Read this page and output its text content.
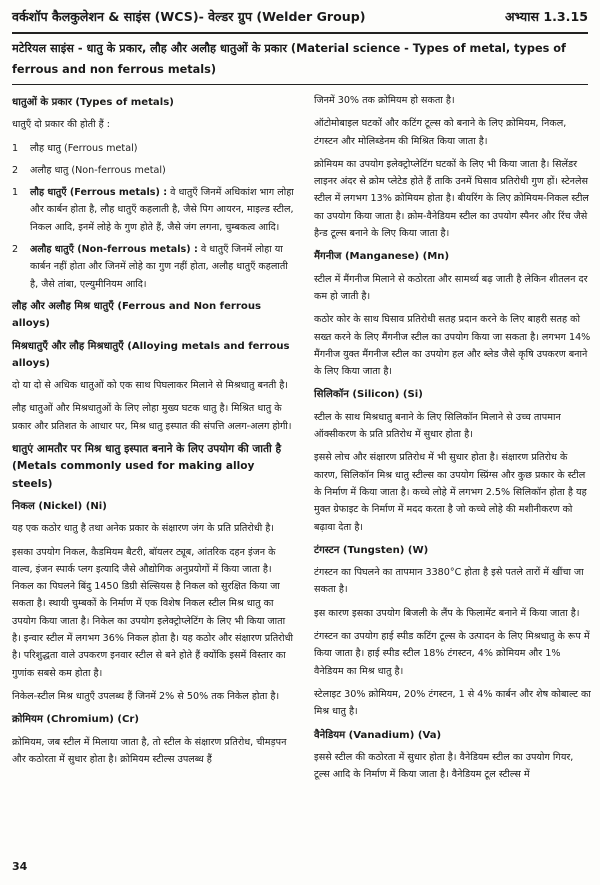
वर्कशॉप कैलकुलेशन & साइंस (WCS)- वेल्डर ग्रुप (Welder Group)	अभ्यास 1.3.15
मटेरियल साइंस - धातु के प्रकार, लौह और अलौह धातुओं के प्रकार (Material science - Types of metal, types of ferrous and non ferrous metals)
धातुओं के प्रकार (Types of metals)

धातुएँ दो प्रकार की होती हैं :

1	लौह धातु (Ferrous metal)
2	अलौह धातु (Non-ferrous metal)
1	लौह धातुएँ (Ferrous metals) : वे धातुएँ जिनमें अधिकांश भाग लोहा और कार्बन होता है, लौह धातुएँ कहलाती है, जैसे पिग आयरन, माइल्ड स्टील, निकल आदि, इनमें लोहे के गुण होते हैं, जैसे जंग लगना, चुम्बकत्व आदि।
2	अलौह धातुएँ (Non-ferrous metals) : वे धातुएँ जिनमें लोहा या कार्बन नहीं होता और जिनमें लोहे का गुण नहीं होता, अलौह धातुएँ कहलाती है, जैसे तांबा, एल्युमीनियम आदि।
लौह और अलौह मिश्र धातुएँ (Ferrous and Non ferrous alloys)
मिश्रधातुएँ और लौह मिश्रधातुएँ (Alloying metals and ferrous alloys)

दो या दो से अधिक धातुओं को एक साथ पिघलाकर मिलाने से मिश्रधातु बनती है।

लौह धातुओं और मिश्रधातुओं के लिए लोहा मुख्य घटक धातु है। मिश्रित धातु के प्रकार और प्रतिशत के आधार पर, मिश्र धातु इस्पात की संपत्ति अलग-अलग होगी।

धातुएं आमतौर पर मिश्र धातु इस्पात बनाने के लिए उपयोग की जाती है (Metals commonly used for making alloy steels)
निकल (Nickel) (Ni)

यह एक कठोर धातु है तथा अनेक प्रकार के संक्षारण जंग के प्रति प्रतिरोधी है।

इसका उपयोग निकल, कैडमियम बैटरी, बॉयलर ट्यूब, आंतरिक दहन इंजन के वाल्व, इंजन स्पार्क प्लग इत्यादि जैसे औद्योगिक अनुप्रयोगों में किया जाता है। निकल का पिघलने बिंदु 1450 डिग्री सेल्सियस है निकल को सुरक्षित किया जा सकता है। स्थायी चुम्बकों के निर्माण में एक विशेष निकल स्टील मिश्र धातु का उपयोग किया जाता है। निकेल का उपयोग इलेक्ट्रोप्लेटिंग के लिए भी किया जाता है। इन्वार स्टील में लगभग 36% निकल होता है। यह कठोर और संक्षारण प्रतिरोधी है। परिशुद्धता वाले उपकरण इनवार स्टील से बने होते हैं क्योंकि इसमें विस्तार का गुणांक सबसे कम होता है।

निकेल-स्टील मिश्र धातुएँ उपलब्ध हैं जिनमें 2% से 50% तक निकेल होता है।

क्रोमियम (Chromium) (Cr)

क्रोमियम, जब स्टील में मिलाया जाता है, तो स्टील के संक्षारण प्रतिरोध, चीमड़पन और कठोरता में सुधार होता है। क्रोमियम स्टील्स उपलब्ध हैं

जिनमें 30% तक क्रोमियम हो सकता है।

ऑटोमोबाइल घटकों और कटिंग टूल्स को बनाने के लिए क्रोमियम, निकल, टंगस्टन और मोलिब्डेनम की मिश्रित किया जाता है।

क्रोमियम का उपयोग इलेक्ट्रोप्लेटिंग घटकों के लिए भी किया जाता है। सिलेंडर लाइनर अंदर से क्रोम प्लेटेड होते हैं ताकि उनमें घिसाव प्रतिरोधी गुण हों। स्टेनलेस स्टील में लगभग 13% क्रोमियम होता है। बीयरिंग के लिए क्रोमियम-निकल स्टील का उपयोग किया जाता है। क्रोम-वैनेडियम स्टील का उपयोग स्पैनर और रिंच जैसे हैन्ड टूल्स बनाने के लिए किया जाता है।

मैंगनीज (Manganese) (Mn)

स्टील में मैंगनीज मिलाने से कठोरता और सामर्थ्य बढ़ जाती है लेकिन शीतलन दर कम हो जाती है।

कठोर कोर के साथ घिसाव प्रतिरोधी सतह प्रदान करने के लिए बाहरी सतह को सख्त करने के लिए मैंगनीज स्टील का उपयोग किया जा सकता है। लगभग 14% मैंगनीज युक्त मैंगनीज स्टील का उपयोग हल और ब्लेड जैसे कृषि उपकरण बनाने के लिए किया जाता है।

सिलिकॉन (Silicon) (Si)

स्टील के साथ मिश्रधातु बनाने के लिए सिलिकॉन मिलाने से उच्च तापमान ऑक्सीकरण के प्रति प्रतिरोध में सुधार होता है।

इससे लोच और संक्षारण प्रतिरोध में भी सुधार होता है। संक्षारण प्रतिरोध के कारण, सिलिकॉन मिश्र धातु स्टील्स का उपयोग स्प्रिंग्स और कुछ प्रकार के स्टील के निर्माण में किया जाता है। कच्चे लोहे में लगभग 2.5% सिलिकॉन होता है यह मुक्त ग्रेफाइट के निर्माण में मदद करता है जो कच्चे लोहे की मशीनीकरण को बढ़ावा देता है।

टंगस्टन (Tungsten) (W)

टंगस्टन का पिघलने का तापमान 3380°C होता है इसे पतले तारों में खींचा जा सकता है।

इस कारण इसका उपयोग बिजली के लैंप के फिलामेंट बनाने में किया जाता है।

टंगस्टन का उपयोग हाई स्पीड कटिंग टूल्स के उत्पादन के लिए मिश्रधातु के रूप में किया जाता है। हाई स्पीड स्टील 18% टंगस्टन, 4% क्रोमियम और 1% वैनेडियम का मिश्र धातु है।

स्टेलाइट 30% क्रोमियम, 20% टंगस्टन, 1 से 4% कार्बन और शेष कोबाल्ट का मिश्र धातु है।

वैनेडियम (Vanadium) (Va)

इससे स्टील की कठोरता में सुधार होता है। वैनेडियम स्टील का उपयोग गियर, टूल्स आदि के निर्माण में किया जाता है। वैनेडियम टूल स्टील्स में

34
